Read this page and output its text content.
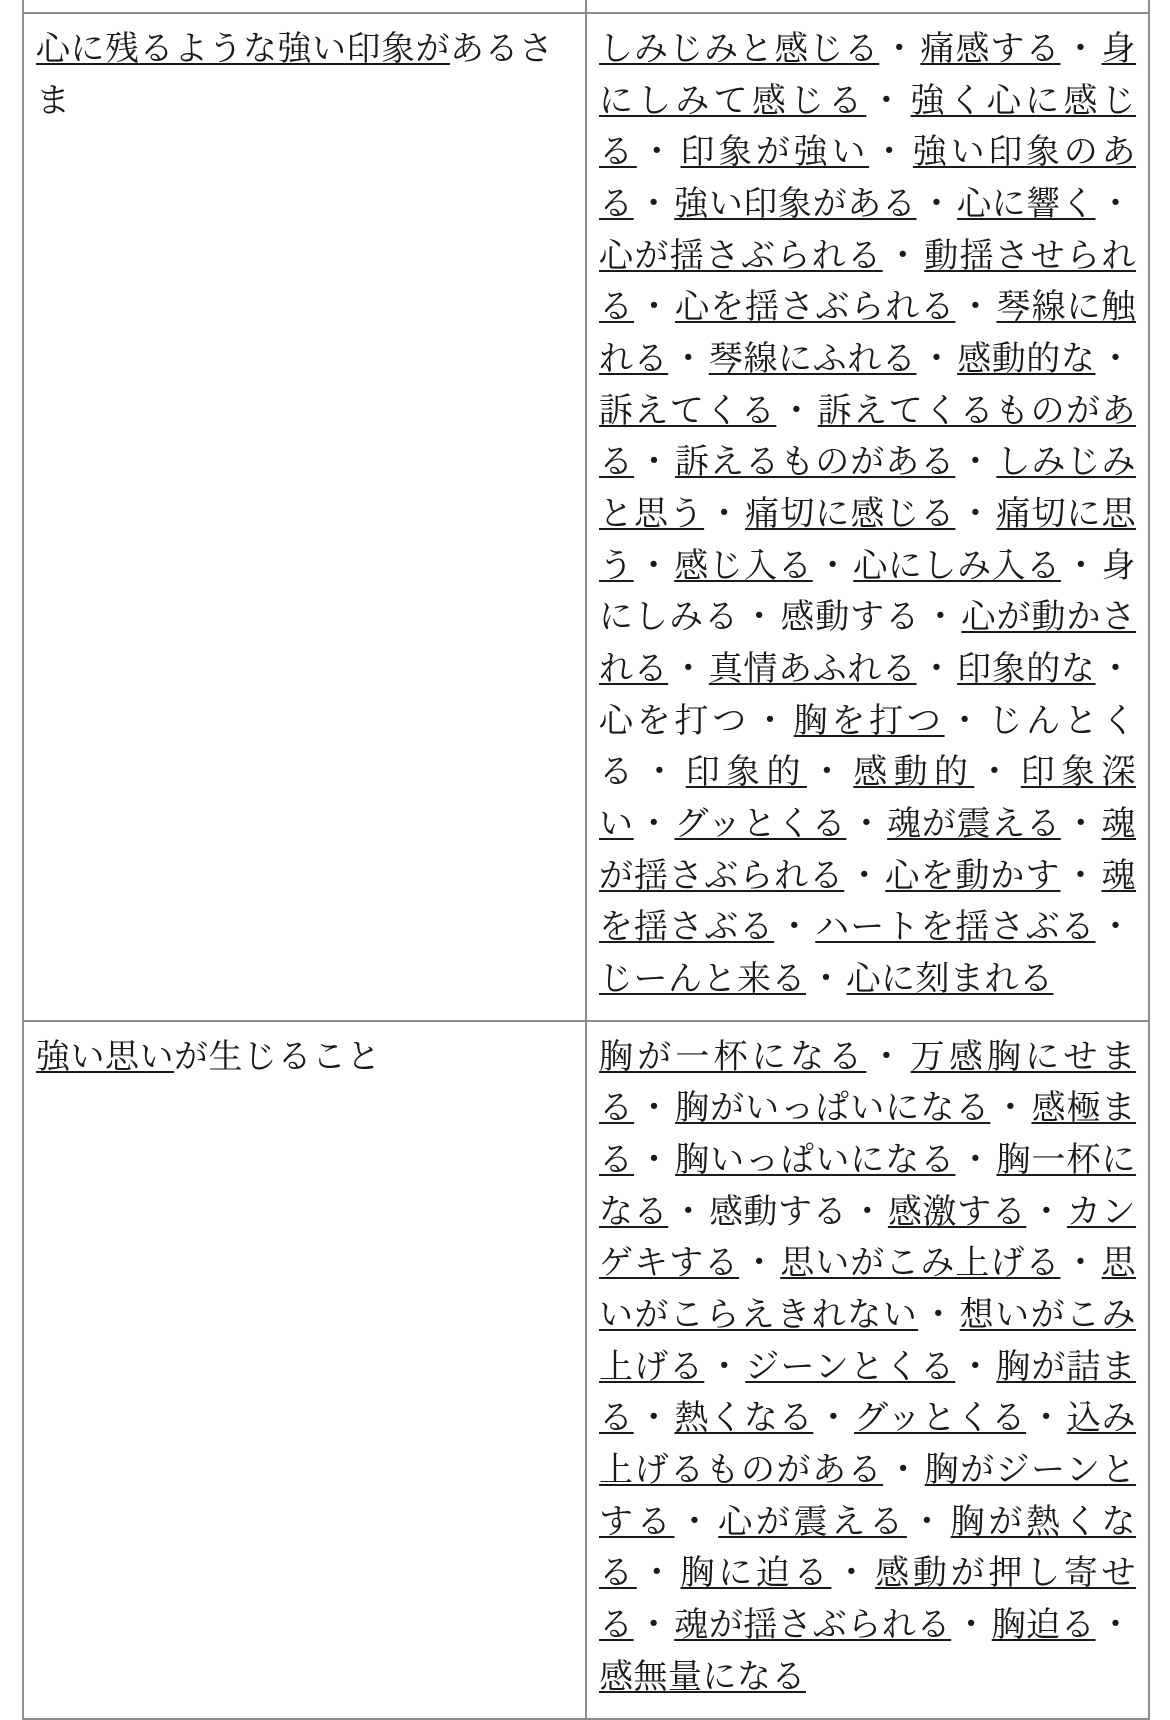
心に残るような強い印象があるさま	しみじみと感じる・痛感する・身にしみて感じる・強く心に感じる・印象が強い・強い印象のある・強い印象がある・心に響く・心が揺さぶられる・動揺させられる・心を揺さぶられる・琴線に触れる・琴線にふれる・感動的な・訴えてくる・訴えてくるものがある・訴えるものがある・しみじみと思う・痛切に感じる・痛切に思う・感じ入る・心にしみ入る・身にしみる・感動する・心が動かされる・真情あふれる・印象的な・心を打つ・胸を打つ・じんとくる・印象的・感動的・印象深い・グッとくる・魂が震える・魂が揺さぶられる・心を動かす・魂を揺さぶる・ハートを揺さぶる・じーんと来る・心に刻まれる

強い思いが生じること	胸が一杯になる・万感胸にせまる・胸がいっぱいになる・感極まる・胸いっぱいになる・胸一杯になる・感動する・感激する・カンゲキする・思いがこみ上げる・思いがこらえきれない・想いがこみ上げる・ジーンとくる・胸が詰まる・熱くなる・グッとくる・込み上げるものがある・胸がジーンとする・心が震える・胸が熱くなる・胸に迫る・感動が押し寄せる・魂が揺さぶられる・胸迫る・感無量になる
